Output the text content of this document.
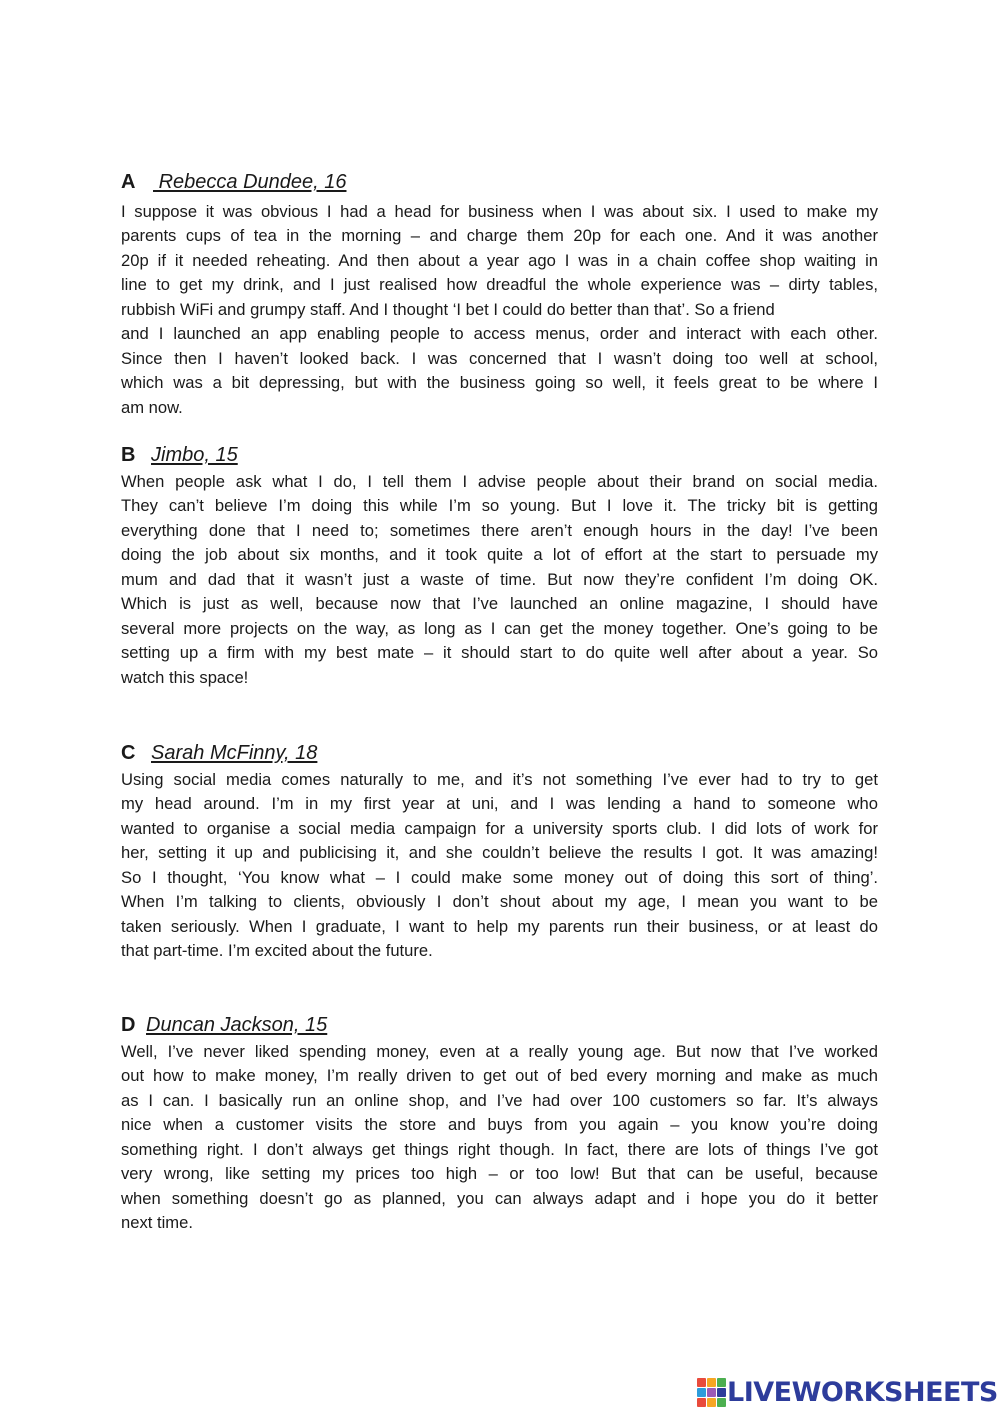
A  Rebecca Dundee, 16

I suppose it was obvious I had a head for business when I was about six. I used to make my
parents cups of tea in the morning – and charge them 20p for each one. And it was another
20p if it needed reheating. And then about a year ago I was in a chain coffee shop waiting in
line to get my drink, and I just realised how dreadful the whole experience was – dirty tables,
rubbish WiFi and grumpy staff. And I thought ‘I bet I could do better than that’. So a friend
and I launched an app enabling people to access menus, order and interact with each other.
Since then I haven’t looked back. I was concerned that I wasn’t doing too well at school,
which was a bit depressing, but with the business going so well, it feels great to be where I
am now.

B Jimbo, 15

When people ask what I do, I tell them I advise people about their brand on social media.
They can’t believe I’m doing this while I’m so young. But I love it. The tricky bit is getting
everything done that I need to; sometimes there aren’t enough hours in the day! I’ve been
doing the job about six months, and it took quite a lot of effort at the start to persuade my
mum and dad that it wasn’t just a waste of time. But now they’re confident I’m doing OK.
Which is just as well, because now that I’ve launched an online magazine, I should have
several more projects on the way, as long as I can get the money together. One’s going to be
setting up a firm with my best mate – it should start to do quite well after about a year. So
watch this space!

C Sarah McFinny, 18

Using social media comes naturally to me, and it’s not something I’ve ever had to try to get
my head around. I’m in my first year at uni, and I was lending a hand to someone who
wanted to organise a social media campaign for a university sports club. I did lots of work for
her, setting it up and publicising it, and she couldn’t believe the results I got. It was amazing!
So I thought, ‘You know what – I could make some money out of doing this sort of thing’.
When I’m talking to clients, obviously I don’t shout about my age, I mean you want to be
taken seriously. When I graduate, I want to help my parents run their business, or at least do
that part-time. I’m excited about the future.

D Duncan Jackson, 15

Well, I’ve never liked spending money, even at a really young age. But now that I’ve worked
out how to make money, I’m really driven to get out of bed every morning and make as much
as I can. I basically run an online shop, and I’ve had over 100 customers so far. It’s always
nice when a customer visits the store and buys from you again – you know you’re doing
something right. I don’t always get things right though. In fact, there are lots of things I’ve got
very wrong, like setting my prices too high – or too low! But that can be useful, because
when something doesn’t go as planned, you can always adapt and i hope you do it better
next time.

LIVEWORKSHEETS
